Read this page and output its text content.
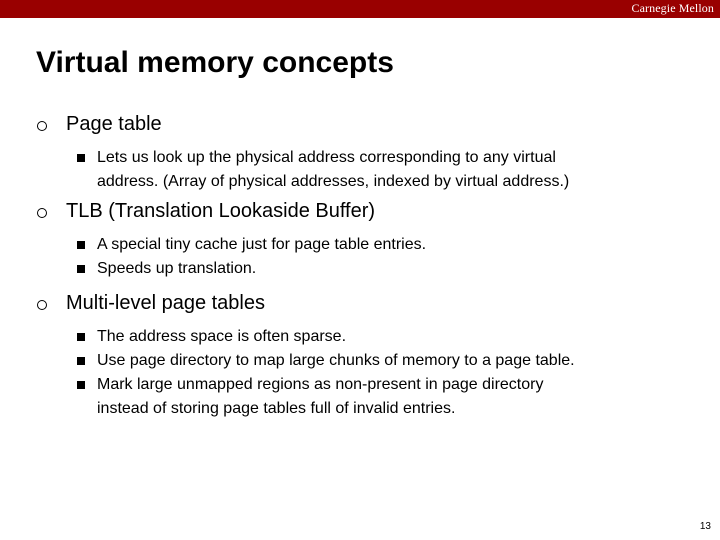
Carnegie Mellon
Virtual memory concepts
Page table
Lets us look up the physical address corresponding to any virtual
address. (Array of physical addresses, indexed by virtual address.)
TLB (Translation Lookaside Buffer)
A special tiny cache just for page table entries.
Speeds up translation.
Multi-level page tables
The address space is often sparse.
Use page directory to map large chunks of memory to a page table.
Mark large unmapped regions as non-present in page directory
instead of storing page tables full of invalid entries.
13
